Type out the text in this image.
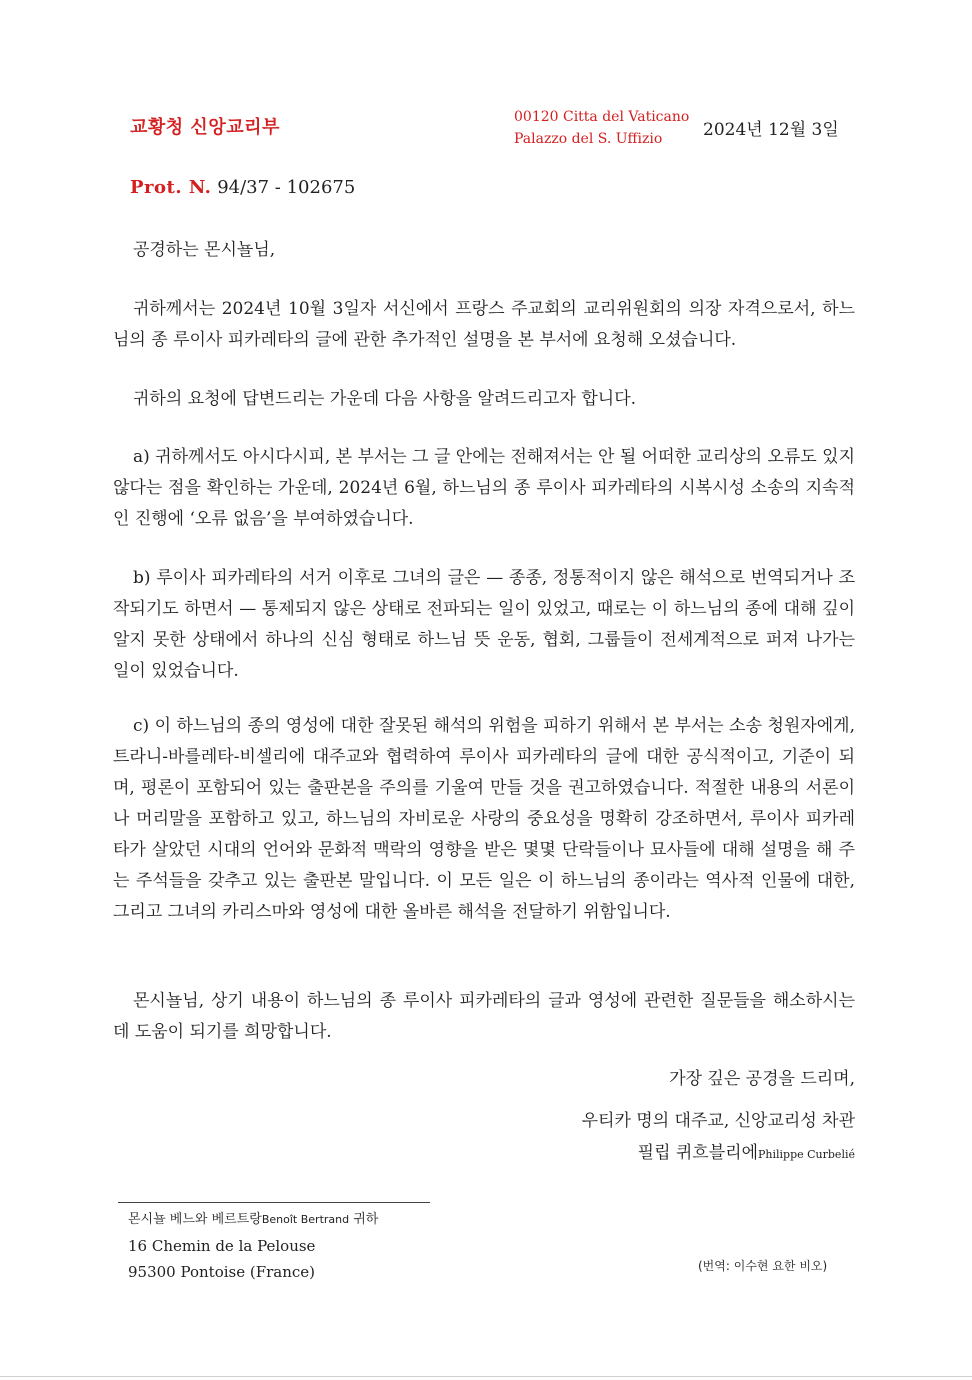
교황청 신앙교리부	00120 Citta del Vaticano
Palazzo del S. Uffizio	2024년 12월 3일
Prot. N. 94/37 - 102675
공경하는 몬시뇰님,
귀하께서는 2024년 10월 3일자 서신에서 프랑스 주교회의 교리위원회의 의장 자격으로서, 하느님의 종 루이사 피카레타의 글에 관한 추가적인 설명을 본 부서에 요청해 오셨습니다.
귀하의 요청에 답변드리는 가운데 다음 사항을 알려드리고자 합니다.
a) 귀하께서도 아시다시피, 본 부서는 그 글 안에는 전해져서는 안 될 어떠한 교리상의 오류도 있지 않다는 점을 확인하는 가운데, 2024년 6월, 하느님의 종 루이사 피카레타의 시복시성 소송의 지속적인 진행에 ‘오류 없음’을 부여하였습니다.
b) 루이사 피카레타의 서거 이후로 그녀의 글은 — 종종, 정통적이지 않은 해석으로 번역되거나 조작되기도 하면서 — 통제되지 않은 상태로 전파되는 일이 있었고, 때로는 이 하느님의 종에 대해 깊이 알지 못한 상태에서 하나의 신심 형태로 하느님 뜻 운동, 협회, 그룹들이 전세계적으로 퍼져 나가는 일이 있었습니다.
c) 이 하느님의 종의 영성에 대한 잘못된 해석의 위험을 피하기 위해서 본 부서는 소송 청원자에게, 트라니-바를레타-비셀리에 대주교와 협력하여 루이사 피카레타의 글에 대한 공식적이고, 기준이 되며, 평론이 포함되어 있는 출판본을 주의를 기울여 만들 것을 권고하였습니다. 적절한 내용의 서론이나 머리말을 포함하고 있고, 하느님의 자비로운 사랑의 중요성을 명확히 강조하면서, 루이사 피카레타가 살았던 시대의 언어와 문화적 맥락의 영향을 받은 몇몇 단락들이나 묘사들에 대해 설명을 해 주는 주석들을 갖추고 있는 출판본 말입니다. 이 모든 일은 이 하느님의 종이라는 역사적 인물에 대한, 그리고 그녀의 카리스마와 영성에 대한 올바른 해석을 전달하기 위함입니다.
몬시뇰님, 상기 내용이 하느님의 종 루이사 피카레타의 글과 영성에 관련한 질문들을 해소하시는 데 도움이 되기를 희망합니다.
가장 깊은 공경을 드리며,
우티카 명의 대주교, 신앙교리성 차관
필립 퀴흐블리에Philippe Curbelié
몬시뇰 베느와 베르트랑Benoît Bertrand 귀하
16 Chemin de la Pelouse
95300 Pontoise (France)	(번역: 이수현 요한 비오)
